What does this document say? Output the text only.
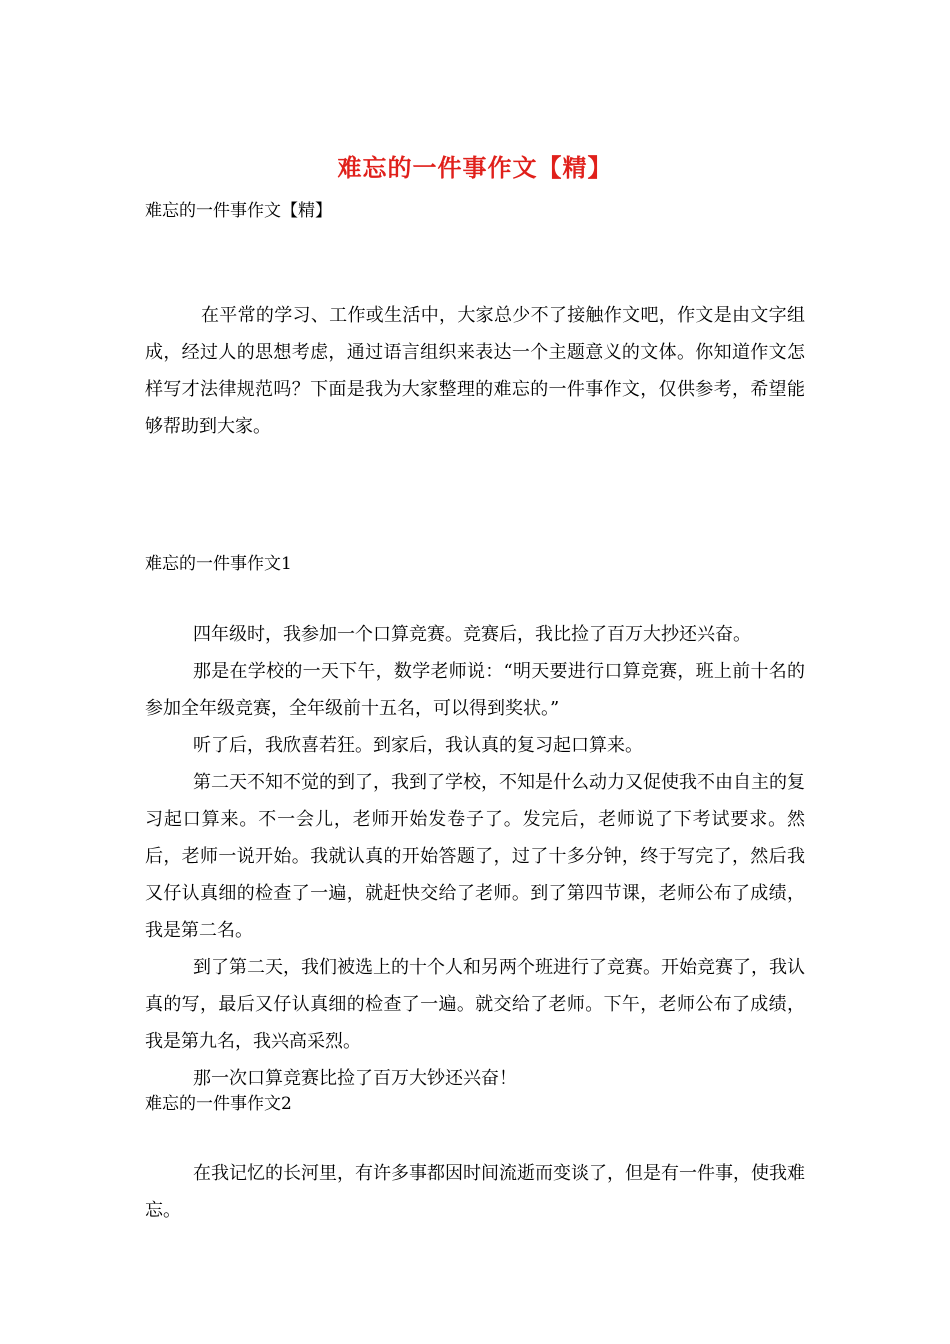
难忘的一件事作文【精】
难忘的一件事作文【精】

在平常的学习、工作或生活中，大家总少不了接触作文吧，作文是由文字组成，经过人的思想考虑，通过语言组织来表达一个主题意义的文体。你知道作文怎样写才法律规范吗？下面是我为大家整理的难忘的一件事作文，仅供参考，希望能够帮助到大家。

难忘的一件事作文1

四年级时，我参加一个口算竞赛。竞赛后，我比捡了百万大抄还兴奋。

那是在学校的一天下午，数学老师说：“明天要进行口算竞赛，班上前十名的参加全年级竞赛，全年级前十五名，可以得到奖状。”

听了后，我欣喜若狂。到家后，我认真的复习起口算来。

第二天不知不觉的到了，我到了学校，不知是什么动力又促使我不由自主的复习起口算来。不一会儿，老师开始发卷子了。发完后，老师说了下考试要求。然后，老师一说开始。我就认真的开始答题了，过了十多分钟，终于写完了，然后我又仔认真细的检查了一遍，就赶快交给了老师。到了第四节课，老师公布了成绩，我是第二名。

到了第二天，我们被选上的十个人和另两个班进行了竞赛。开始竞赛了，我认真的写，最后又仔认真细的检查了一遍。就交给了老师。下午，老师公布了成绩，我是第九名，我兴高采烈。

那一次口算竞赛比捡了百万大钞还兴奋！

难忘的一件事作文2

在我记忆的长河里，有许多事都因时间流逝而变谈了，但是有一件事，使我难忘。
